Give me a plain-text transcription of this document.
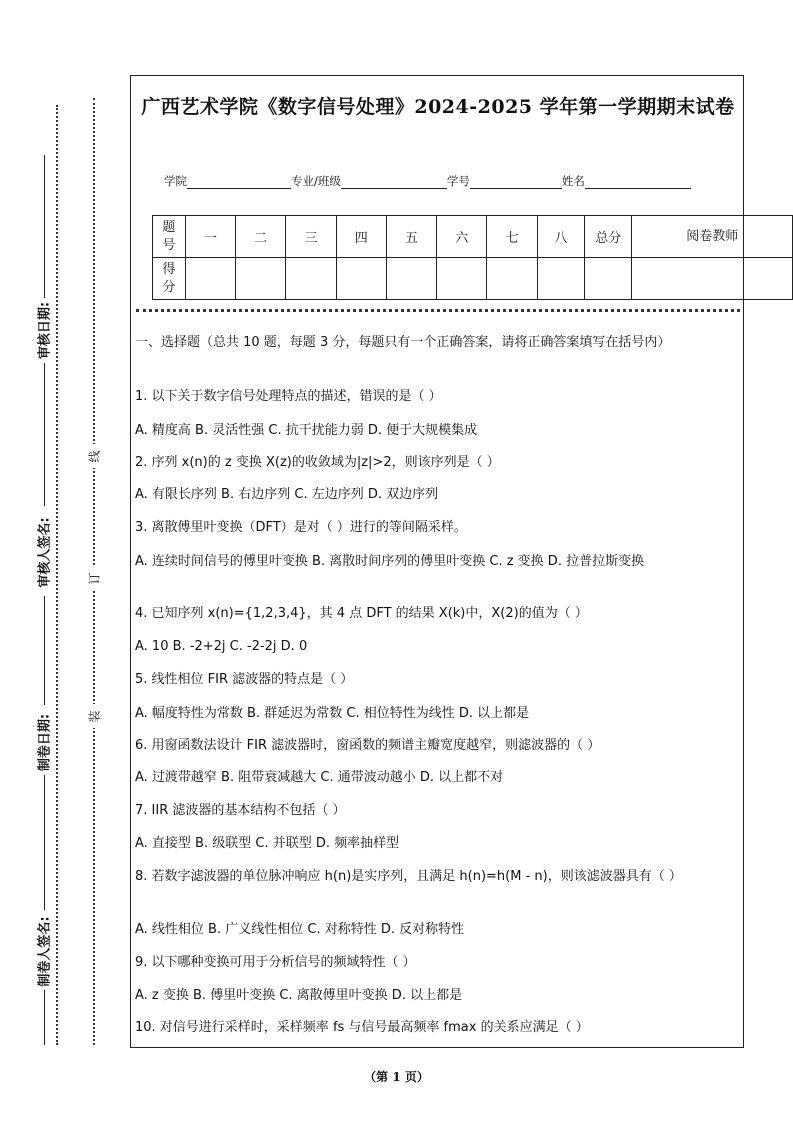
审核日期:
审核人签名:
制卷日期:
制卷人签名:
线
订
装
广西艺术学院《数字信号处理》2024-2025 学年第一学期期末试卷
学院	专业/班级	学号	姓名
题号	一	二	三	四	五	六	七	八	总分	阅卷教师
得分										
一、选择题（总共 10 题，每题 3 分，每题只有一个正确答案，请将正确答案填写在括号内）
1. 以下关于数字信号处理特点的描述，错误的是（ ）
A. 精度高 B. 灵活性强 C. 抗干扰能力弱 D. 便于大规模集成
2. 序列 x(n)的 z 变换 X(z)的收敛域为|z|>2，则该序列是（ ）
A. 有限长序列 B. 右边序列 C. 左边序列 D. 双边序列
3. 离散傅里叶变换（DFT）是对（ ）进行的等间隔采样。
A. 连续时间信号的傅里叶变换 B. 离散时间序列的傅里叶变换 C. z 变换 D. 拉普拉斯变换
4. 已知序列 x(n)={1,2,3,4}，其 4 点 DFT 的结果 X(k)中，X(2)的值为（ ）
A. 10 B. -2+2j C. -2-2j D. 0
5. 线性相位 FIR 滤波器的特点是（ ）
A. 幅度特性为常数 B. 群延迟为常数 C. 相位特性为线性 D. 以上都是
6. 用窗函数法设计 FIR 滤波器时，窗函数的频谱主瓣宽度越窄，则滤波器的（ ）
A. 过渡带越窄 B. 阻带衰减越大 C. 通带波动越小 D. 以上都不对
7. IIR 滤波器的基本结构不包括（ ）
A. 直接型 B. 级联型 C. 并联型 D. 频率抽样型
8. 若数字滤波器的单位脉冲响应 h(n)是实序列，且满足 h(n)=h(M - n)，则该滤波器具有（ ）
A. 线性相位 B. 广义线性相位 C. 对称特性 D. 反对称特性
9. 以下哪种变换可用于分析信号的频域特性（ ）
A. z 变换 B. 傅里叶变换 C. 离散傅里叶变换 D. 以上都是
10. 对信号进行采样时，采样频率 fs 与信号最高频率 fmax 的关系应满足（ ）
（第 1 页）
